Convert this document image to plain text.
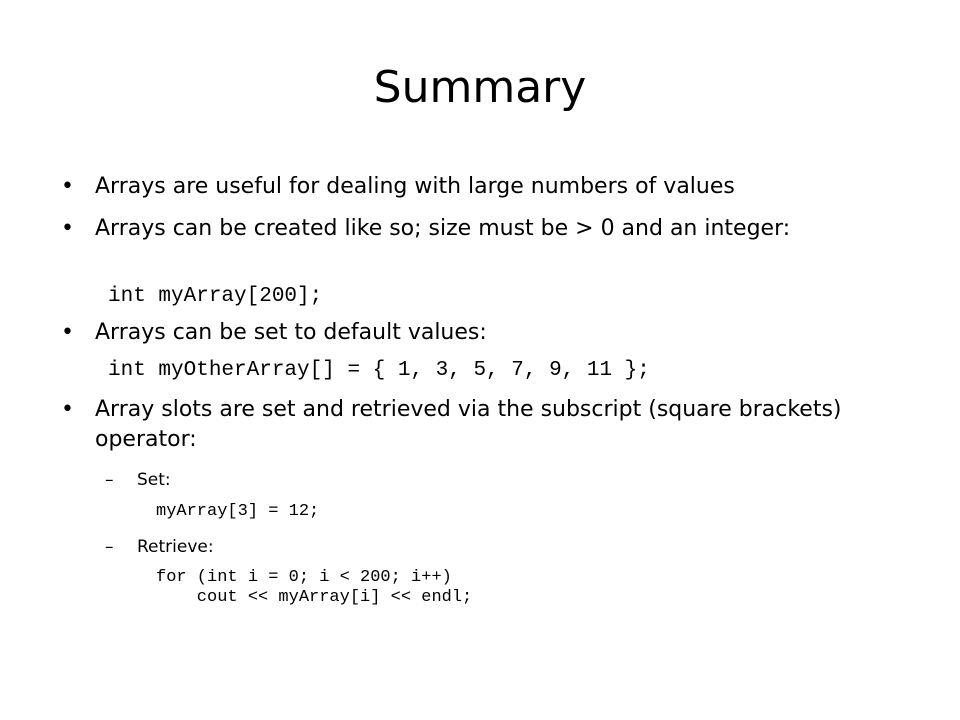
Summary
• Arrays are useful for dealing with large numbers of values
• Arrays can be created like so; size must be > 0 and an integer:
int myArray[200];
• Arrays can be set to default values:
int myOtherArray[] = { 1, 3, 5, 7, 9, 11 };
• Array slots are set and retrieved via the subscript (square brackets) operator:
– Set:
myArray[3] = 12;
– Retrieve:
for (int i = 0; i < 200; i++)
cout << myArray[i] << endl;
